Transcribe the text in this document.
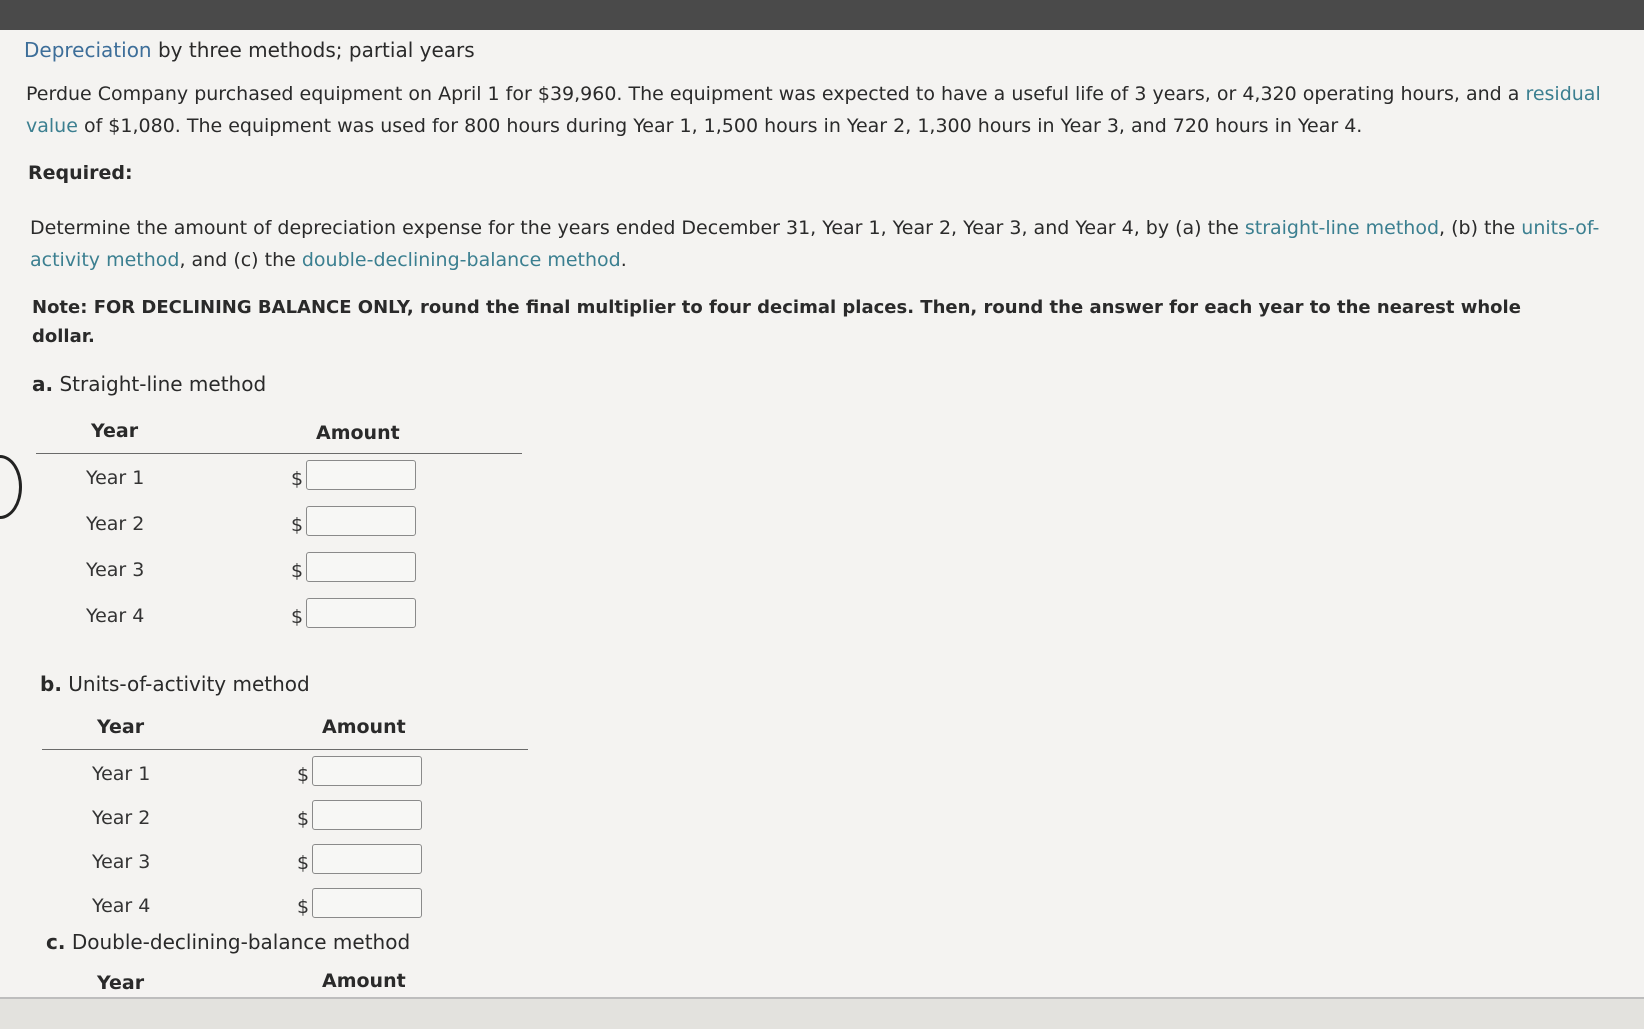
Depreciation by three methods; partial years
Perdue Company purchased equipment on April 1 for $39,960. The equipment was expected to have a useful life of 3 years, or 4,320 operating hours, and a residual value of $1,080. The equipment was used for 800 hours during Year 1, 1,500 hours in Year 2, 1,300 hours in Year 3, and 720 hours in Year 4.
Required:
Determine the amount of depreciation expense for the years ended December 31, Year 1, Year 2, Year 3, and Year 4, by (a) the straight-line method, (b) the units-of-activity method, and (c) the double-declining-balance method.
Note: FOR DECLINING BALANCE ONLY, round the final multiplier to four decimal places. Then, round the answer for each year to the nearest whole dollar.
a. Straight-line method
Year	Amount
Year 1	$
Year 2	$
Year 3	$
Year 4	$
b. Units-of-activity method
Year	Amount
Year 1	$
Year 2	$
Year 3	$
Year 4	$
c. Double-declining-balance method
Year	Amount
